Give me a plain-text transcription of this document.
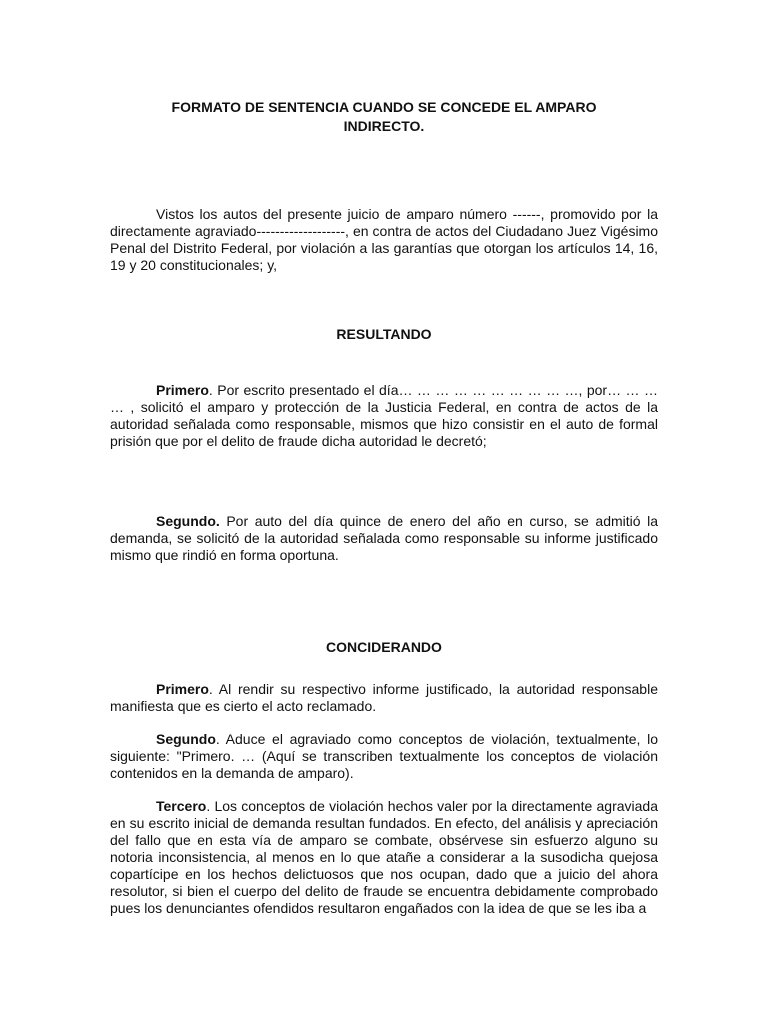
FORMATO DE SENTENCIA CUANDO SE CONCEDE EL AMPARO
INDIRECTO.

Vistos los autos del presente juicio de amparo número ------, promovido por la directamente agraviado-------------------, en contra de actos del Ciudadano Juez Vigésimo Penal del Distrito Federal, por violación a las garantías que otorgan los artículos 14, 16, 19 y 20 constitucionales; y,

RESULTANDO

Primero. Por escrito presentado el día… … … … … … … … … …, por… … … … , solicitó el amparo y protección de la Justicia Federal, en contra de actos de la autoridad señalada como responsable, mismos que hizo consistir en el auto de formal prisión que por el delito de fraude dicha autoridad le decretó;

Segundo. Por auto del día quince de enero del año en curso, se admitió la demanda, se solicitó de la autoridad señalada como responsable su informe justificado mismo que rindió en forma oportuna.

CONCIDERANDO

Primero. Al rendir su respectivo informe justificado, la autoridad responsable manifiesta que es cierto el acto reclamado.

Segundo. Aduce el agraviado como conceptos de violación, textualmente, lo siguiente: "Primero. … (Aquí se transcriben textualmente los conceptos de violación contenidos en la demanda de amparo).

Tercero. Los conceptos de violación hechos valer por la directamente agraviada en su escrito inicial de demanda resultan fundados. En efecto, del análisis y apreciación del fallo que en esta vía de amparo se combate, obsérvese sin esfuerzo alguno su notoria inconsistencia, al menos en lo que atañe a considerar a la susodicha quejosa copartícipe en los hechos delictuosos que nos ocupan, dado que a juicio del ahora resolutor, si bien el cuerpo del delito de fraude se encuentra debidamente comprobado pues los denunciantes ofendidos resultaron engañados con la idea de que se les iba a
